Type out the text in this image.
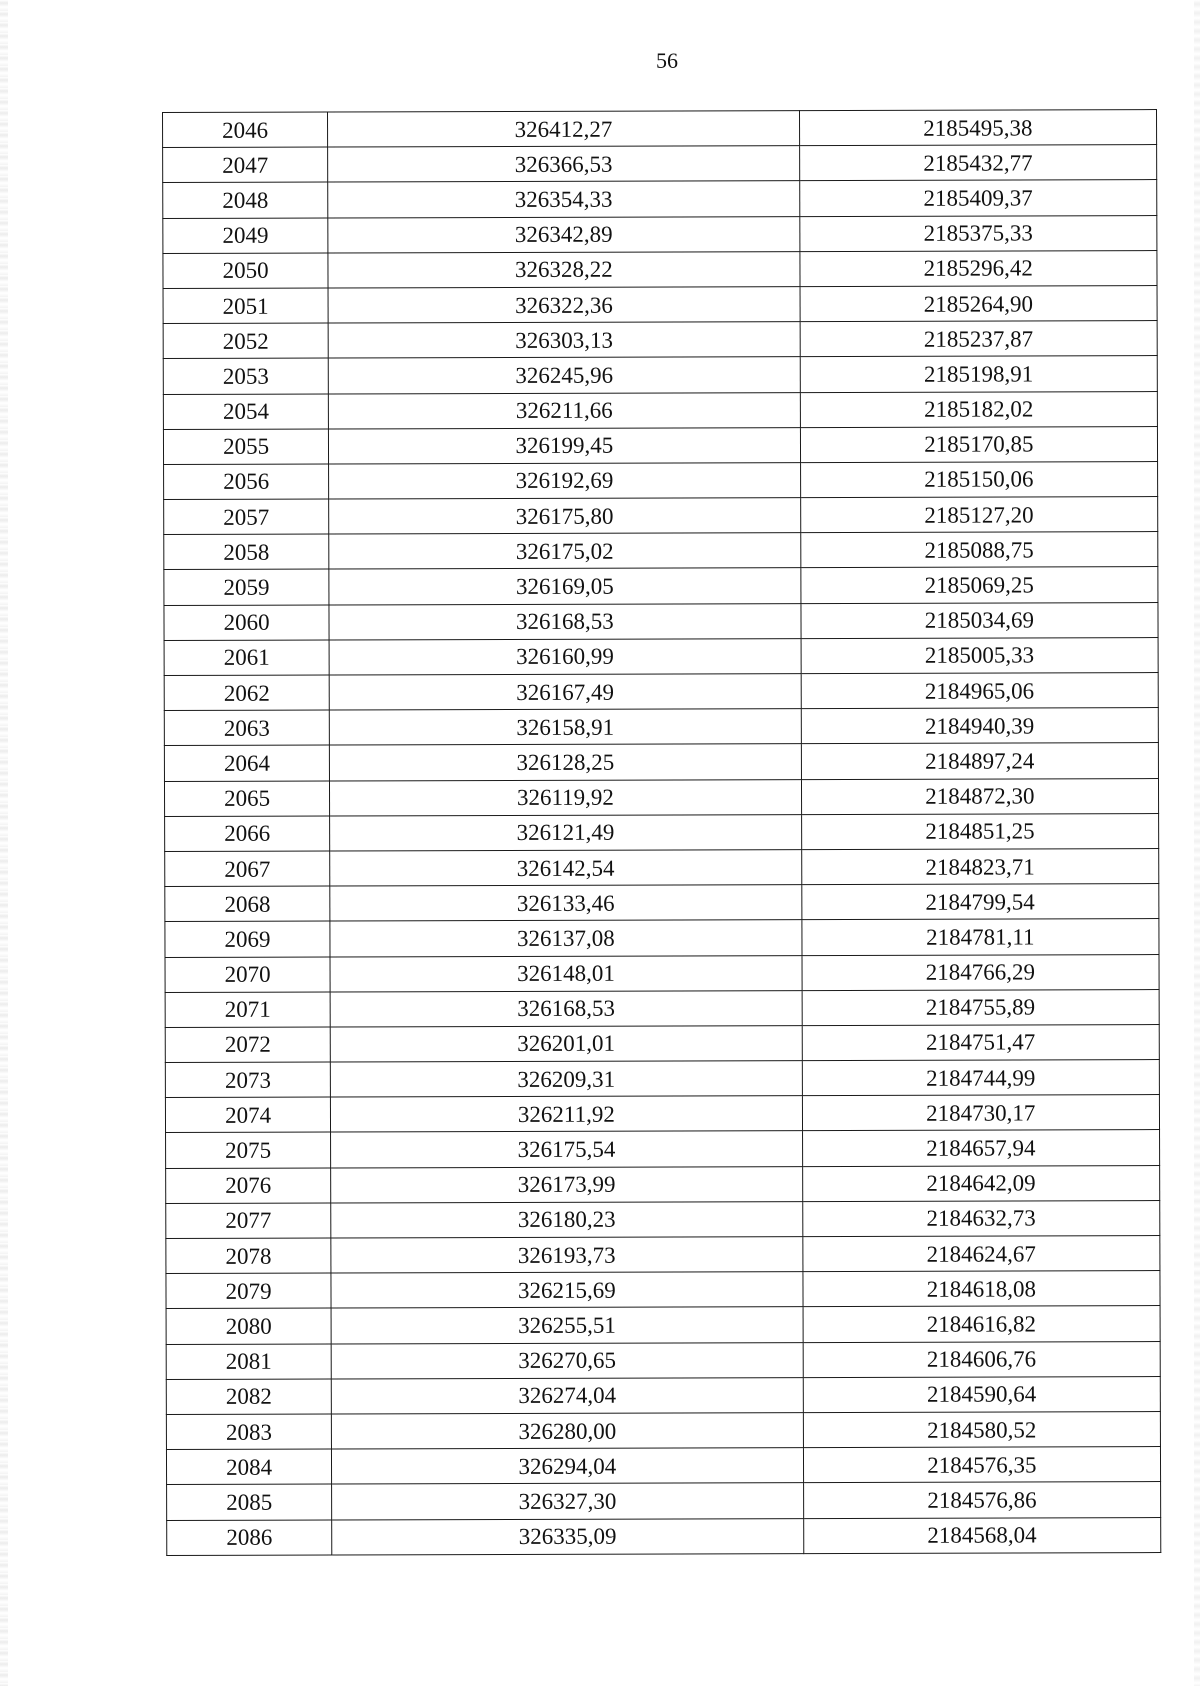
56
2046	326412,27	2185495,38
2047	326366,53	2185432,77
2048	326354,33	2185409,37
2049	326342,89	2185375,33
2050	326328,22	2185296,42
2051	326322,36	2185264,90
2052	326303,13	2185237,87
2053	326245,96	2185198,91
2054	326211,66	2185182,02
2055	326199,45	2185170,85
2056	326192,69	2185150,06
2057	326175,80	2185127,20
2058	326175,02	2185088,75
2059	326169,05	2185069,25
2060	326168,53	2185034,69
2061	326160,99	2185005,33
2062	326167,49	2184965,06
2063	326158,91	2184940,39
2064	326128,25	2184897,24
2065	326119,92	2184872,30
2066	326121,49	2184851,25
2067	326142,54	2184823,71
2068	326133,46	2184799,54
2069	326137,08	2184781,11
2070	326148,01	2184766,29
2071	326168,53	2184755,89
2072	326201,01	2184751,47
2073	326209,31	2184744,99
2074	326211,92	2184730,17
2075	326175,54	2184657,94
2076	326173,99	2184642,09
2077	326180,23	2184632,73
2078	326193,73	2184624,67
2079	326215,69	2184618,08
2080	326255,51	2184616,82
2081	326270,65	2184606,76
2082	326274,04	2184590,64
2083	326280,00	2184580,52
2084	326294,04	2184576,35
2085	326327,30	2184576,86
2086	326335,09	2184568,04
